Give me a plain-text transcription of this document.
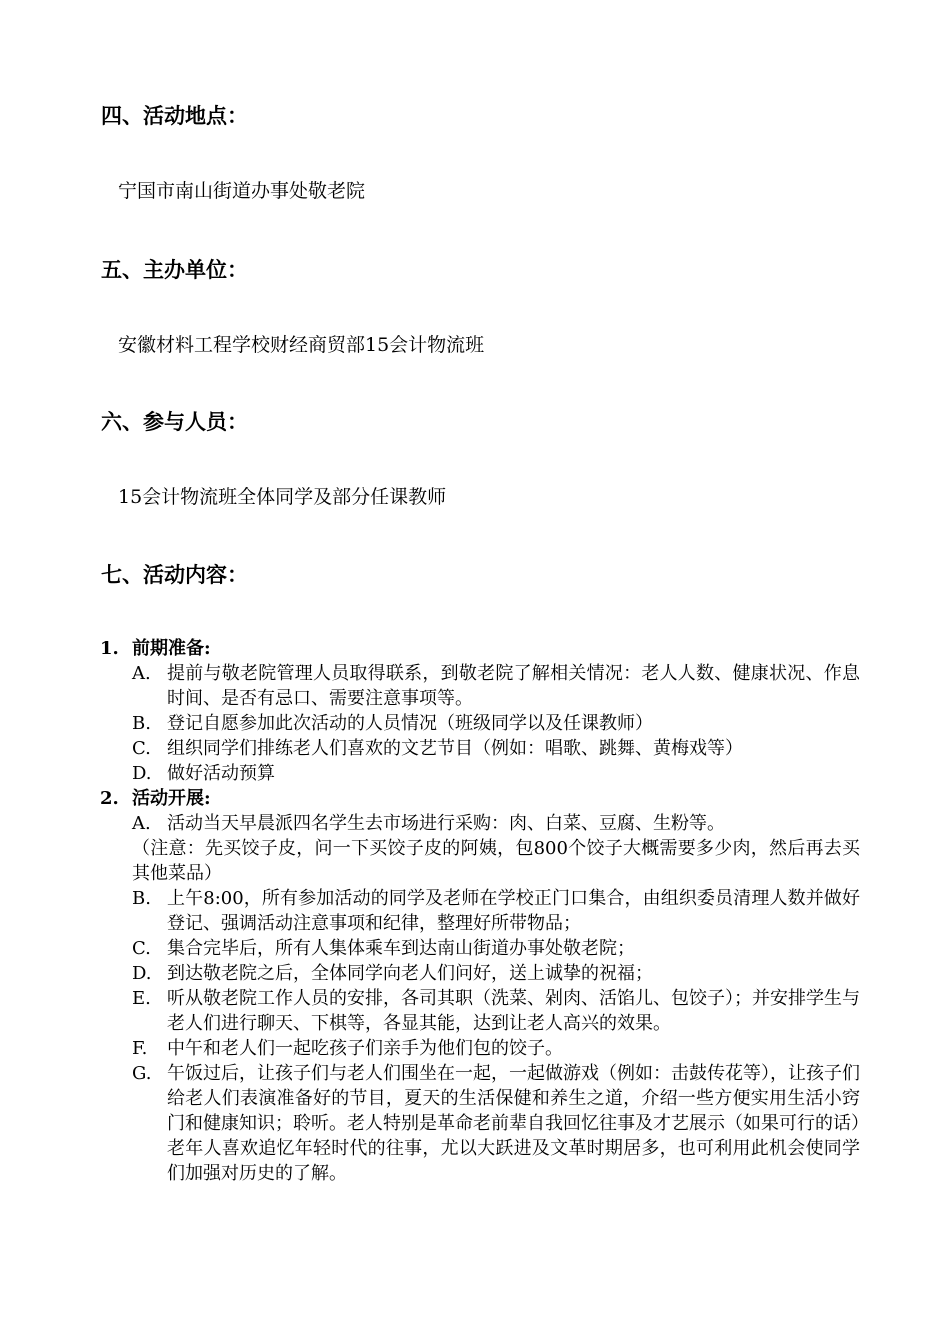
四、活动地点：
宁国市南山街道办事处敬老院
五、主办单位：
安徽材料工程学校财经商贸部15会计物流班
六、参与人员：
15会计物流班全体同学及部分任课教师
七、活动内容：
1. 前期准备:
A. 提前与敬老院管理人员取得联系，到敬老院了解相关情况：老人人数、健康状况、作息时间、是否有忌口、需要注意事项等。
B. 登记自愿参加此次活动的人员情况（班级同学以及任课教师）
C. 组织同学们排练老人们喜欢的文艺节目（例如：唱歌、跳舞、黄梅戏等）
D. 做好活动预算
2. 活动开展:
A. 活动当天早晨派四名学生去市场进行采购：肉、白菜、豆腐、生粉等。
（注意：先买饺子皮，问一下买饺子皮的阿姨，包800个饺子大概需要多少肉，然后再去买其他菜品）
B. 上午8:00，所有参加活动的同学及老师在学校正门口集合，由组织委员清理人数并做好登记、强调活动注意事项和纪律，整理好所带物品；
C. 集合完毕后，所有人集体乘车到达南山街道办事处敬老院；
D. 到达敬老院之后，全体同学向老人们问好，送上诚挚的祝福；
E. 听从敬老院工作人员的安排，各司其职（洗菜、剁肉、活馅儿、包饺子）；并安排学生与老人们进行聊天、下棋等，各显其能，达到让老人高兴的效果。
F. 中午和老人们一起吃孩子们亲手为他们包的饺子。
G. 午饭过后，让孩子们与老人们围坐在一起，一起做游戏（例如：击鼓传花等），让孩子们给老人们表演准备好的节目，夏天的生活保健和养生之道，介绍一些方便实用生活小窍门和健康知识；聆听。老人特别是革命老前辈自我回忆往事及才艺展示（如果可行的话）老年人喜欢追忆年轻时代的往事，尤以大跃进及文革时期居多，也可利用此机会使同学们加强对历史的了解。
